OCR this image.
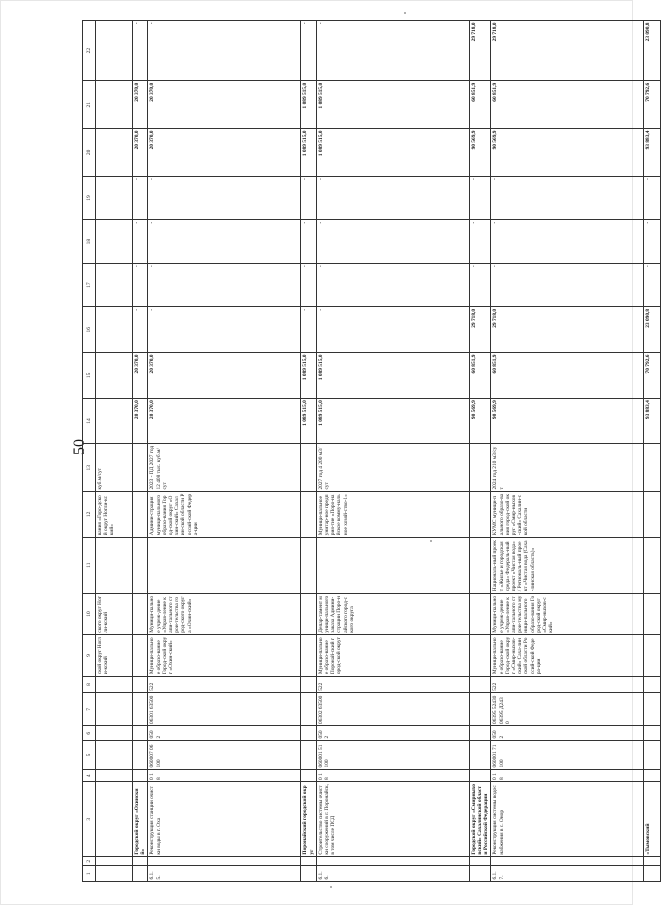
50
1	2	3	4	5	6	7	8	9	10	11	12	13	14	15	16	17	18	19	20	21	22
								ской округ Ногли-кский	ского округ Ногли-кский		вания «Горо-дской округ Ногли-кский»	куб.м/сут									
		Городской округ «Охинский»											20 370,0	20 370,0	-	-	-	-	20 370,0	20 370,0	-
6.1.5.		Реконструкция станции очистки воды в г. Оха	0 1 8	060007 06100	050 2	06301 63500	522	Муници-пальное образо-вание Город-ской округ «Охин-ский»	Муници-пальное учреж-дение «Управ-ление капи-тального строи-тельства город-ского округа «Охин-ский»		Админи-страция муници-пального образо-вания Город-ской округ «Охин-ский» Сахалин-ской области Россий-ской Федера-ции	2023 - ПД 2027 год 12 408 тыс. куб.м/сут	20 370,0	20 370,0	-	-	-	-	20 370,0	20 370,0	-
		Поронайский городской округ											1 089 515,0	1 089 515,0	-	-	-	-	1 089 515,0	1 089 515,0	-
6.1.6.		Строительство системы очистки сооружений в г. Поронайск, в том числе ПСД	0 1 8	060001 51100	050 2	06302 63500	522	Муници-пальное образо-вание Поронай-ский город-ской округ	Депар-тамент муници-пального заказа Админи-страции Поро-найского город-ского округа		Муници-пальное унитар-ное предприя-тие «Поро-найское комму-нальное хозяй-ство-1»	2027 год 4 200 м3/сут	1 089 515,0	1 089 515,0	-	-	-	-	1 089 515,0	1 089 515,0	-
		Городской округ «Смирныховский» Сахалинской области Российской Федерации											90 569,9	60 851,9	29 718,0	-	-	-	90 569,9	60 851,9	29 718,0
6.1.7.		Реконструкция системы водоснабжения в с. Онор	0 1 8	060001 71100	050 2	06395 52430 06395 Д2430	522	Муници-пальное образо-вание Город-ской округ «Смир-ныхов-ский» Саха-линской области Россий-ской Федера-ции	Муници-пальное учреж-дение «Управ-ление капи-тального строи-тельства муници-пального образо-вания Город-ской округ «Смир-ныхов-ский»	Националь-ный проект «Жилье и городская среда» Федераль-ный проект «Чистая вода» / Региональ-ный проект «Чистая вода (Саха-линская область)»	КУМС муници-пального образо-вания город-ской округ «Смир-ныхов-ский» Сахалин-ской области	2024 год 210 м3/сут	90 569,9	60 851,9	29 718,0	-	-	-	90 569,9	60 851,9	29 718,0
		«Тымовский											93 883,4	70 792,6	23 090,8	-	-	-	93 883,4	70 792,6	23 090,8
